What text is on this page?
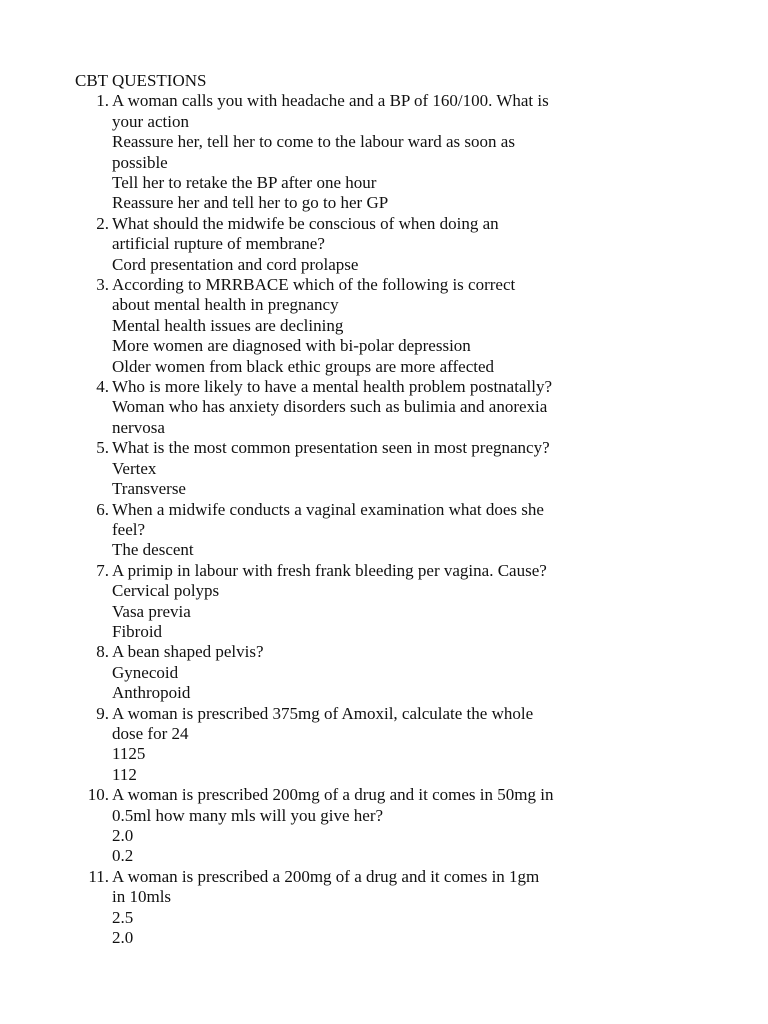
CBT QUESTIONS
1. A woman calls you with headache and a BP of 160/100. What is your action
Reassure her, tell her to come to the labour ward as soon as possible
Tell her to retake the BP after one hour
Reassure her and tell her to go to her GP
2. What should the midwife be conscious of when doing an artificial rupture of membrane?
Cord presentation and cord prolapse
3. According to MRRBACE which of the following is correct about mental health in pregnancy
Mental health issues are declining
More women are diagnosed with bi-polar depression
Older women from black ethic groups are more affected
4. Who is more likely to have a mental health problem postnatally?
Woman who has anxiety disorders such as bulimia and anorexia nervosa
5. What is the most common presentation seen in most pregnancy?
Vertex
Transverse
6. When a midwife conducts a vaginal examination what does she feel?
The descent
7. A primip in labour with fresh frank bleeding per vagina. Cause?
Cervical polyps
Vasa previa
Fibroid
8. A bean shaped pelvis?
Gynecoid
Anthropoid
9. A woman is prescribed 375mg of Amoxil, calculate the whole dose for 24
1125
112
10. A woman is prescribed 200mg of a drug and it comes in 50mg in 0.5ml how many mls will you give her?
2.0
0.2
11. A woman is prescribed a 200mg of a drug and it comes in 1gm in 10mls
2.5
2.0
